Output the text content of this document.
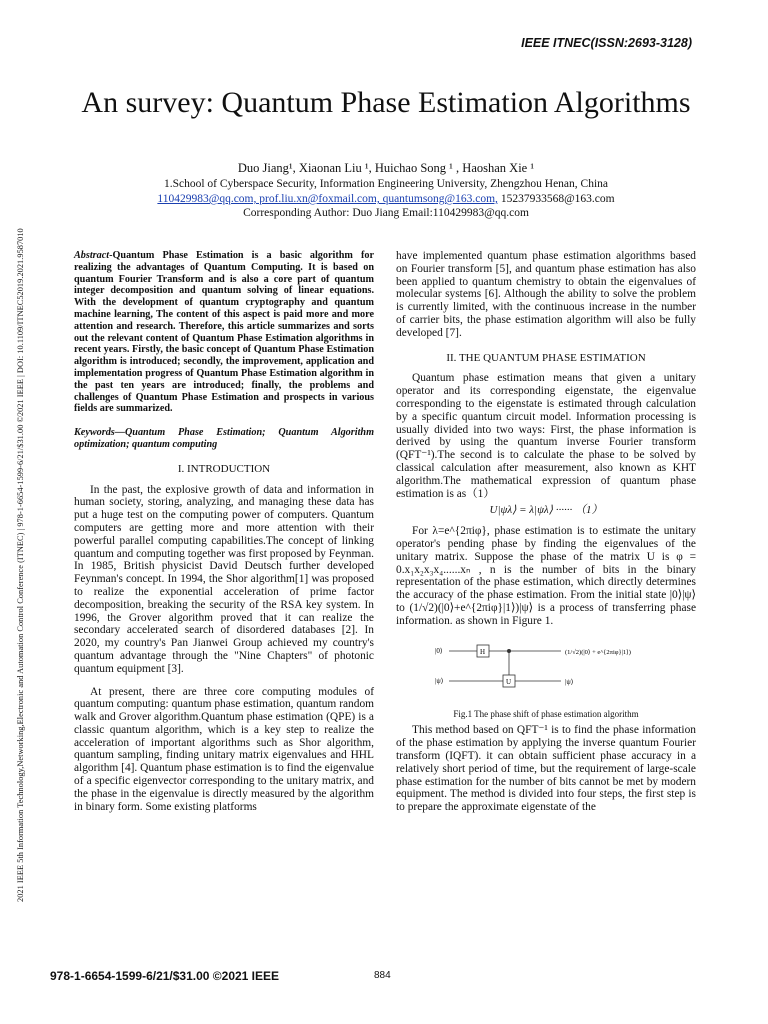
IEEE ITNEC(ISSN:2693-3128)
2021 IEEE 5th Information Technology,Networking,Electronic and Automation Control Conference (ITNEC) | 978-1-6654-1599-6/21/$31.00 ©2021 IEEE | DOI: 10.1109/ITNEC52019.2021.9587010
An survey: Quantum Phase Estimation Algorithms
Duo Jiang¹, Xiaonan Liu ¹, Huichao Song ¹ , Haoshan Xie ¹
1.School of Cyberspace Security, Information Engineering University, Zhengzhou Henan, China
110429983@qq.com, prof.liu.xn@foxmail.com, quantumsong@163.com, 15237933568@163.com
Corresponding Author: Duo Jiang Email:110429983@qq.com

Abstract-Quantum Phase Estimation is a basic algorithm for realizing the advantages of Quantum Computing. It is based on quantum Fourier Transform and is also a core part of quantum integer decomposition and quantum solving of linear equations. With the development of quantum cryptography and quantum machine learning, The content of this aspect is paid more and more attention and research. Therefore, this article summarizes and sorts out the relevant content of Quantum Phase Estimation algorithms in recent years. Firstly, the basic concept of Quantum Phase Estimation algorithm is introduced; secondly, the improvement, application and implementation progress of Quantum Phase Estimation algorithm in the past ten years are introduced; finally, the problems and challenges of Quantum Phase Estimation and prospects in various fields are summarized.

Keywords—Quantum Phase Estimation; Quantum Algorithm optimization; quantum computing

I. INTRODUCTION

In the past, the explosive growth of data and information in human society, storing, analyzing, and managing these data has put a huge test on the computing power of computers. Quantum computers are getting more and more attention with their powerful parallel computing capabilities.The concept of linking quantum and computing together was first proposed by Feynman. In 1985, British physicist David Deutsch further developed Feynman's concept. In 1994, the Shor algorithm[1] was proposed to realize the exponential acceleration of prime factor decomposition, breaking the security of the RSA key system. In 1996, the Grover algorithm proved that it can realize the secondary accelerated search of disordered databases [2]. In 2020, my country's Pan Jianwei Group achieved my country's quantum advantage through the "Nine Chapters" of photonic quantum equipment [3].

At present, there are three core computing modules of quantum computing: quantum phase estimation, quantum random walk and Grover algorithm.Quantum phase estimation (QPE) is a classic quantum algorithm, which is a key step to realize the acceleration of important algorithms such as Shor algorithm, quantum sampling, finding unitary matrix eigenvalues and HHL algorithm [4]. Quantum phase estimation is to find the eigenvalue of a specific eigenvector corresponding to the unitary matrix, and the phase in the eigenvalue is directly measured by the algorithm in binary form. Some existing platforms

have implemented quantum phase estimation algorithms based on Fourier transform [5], and quantum phase estimation has also been applied to quantum chemistry to obtain the eigenvalues of molecular systems [6]. Although the ability to solve the problem is currently limited, with the continuous increase in the number of carrier bits, the phase estimation algorithm will also be fully developed [7].

II. THE QUANTUM PHASE ESTIMATION

Quantum phase estimation means that given a unitary operator and its corresponding eigenstate, the eigenvalue corresponding to the eigenstate is estimated through calculation by a specific quantum circuit model. Information processing is usually divided into two ways: First, the phase information is derived by using the quantum inverse Fourier transform (QFT⁻¹).The second is to calculate the phase to be solved by classical calculation after measurement, also known as KHT algorithm.The mathematical expression of quantum phase estimation is as（1）

U|ψλ⟩ = λ|ψλ⟩ ······ （1）

For λ=e^{2πiφ}, phase estimation is to estimate the unitary operator's pending phase by finding the eigenvalues of the unitary matrix. Suppose the phase of the matrix U is φ = 0.x₁x₂x₃x₄......xₙ , n is the number of bits in the binary representation of the phase estimation, which directly determines the accuracy of the phase estimation. From the initial state |0⟩|ψ⟩ to (1/√2)(|0⟩+e^{2πiφ}|1⟩)|ψ⟩ is a process of transferring phase information. as shown in Figure 1.

|0⟩
|ψ⟩
H
U
(1/√2)(|0⟩ + e^{2πiφ}|1⟩)
|ψ⟩

Fig.1 The phase shift of phase estimation algorithm

This method based on QFT⁻¹ is to find the phase information of the phase estimation by applying the inverse quantum Fourier transform (IQFT). it can obtain sufficient phase accuracy in a relatively short period of time, but the requirement of large-scale phase estimation for the number of bits cannot be met by modern equipment. The method is divided into four steps, the first step is to prepare the approximate eigenstate of the

978-1-6654-1599-6/21/$31.00 ©2021 IEEE	884
